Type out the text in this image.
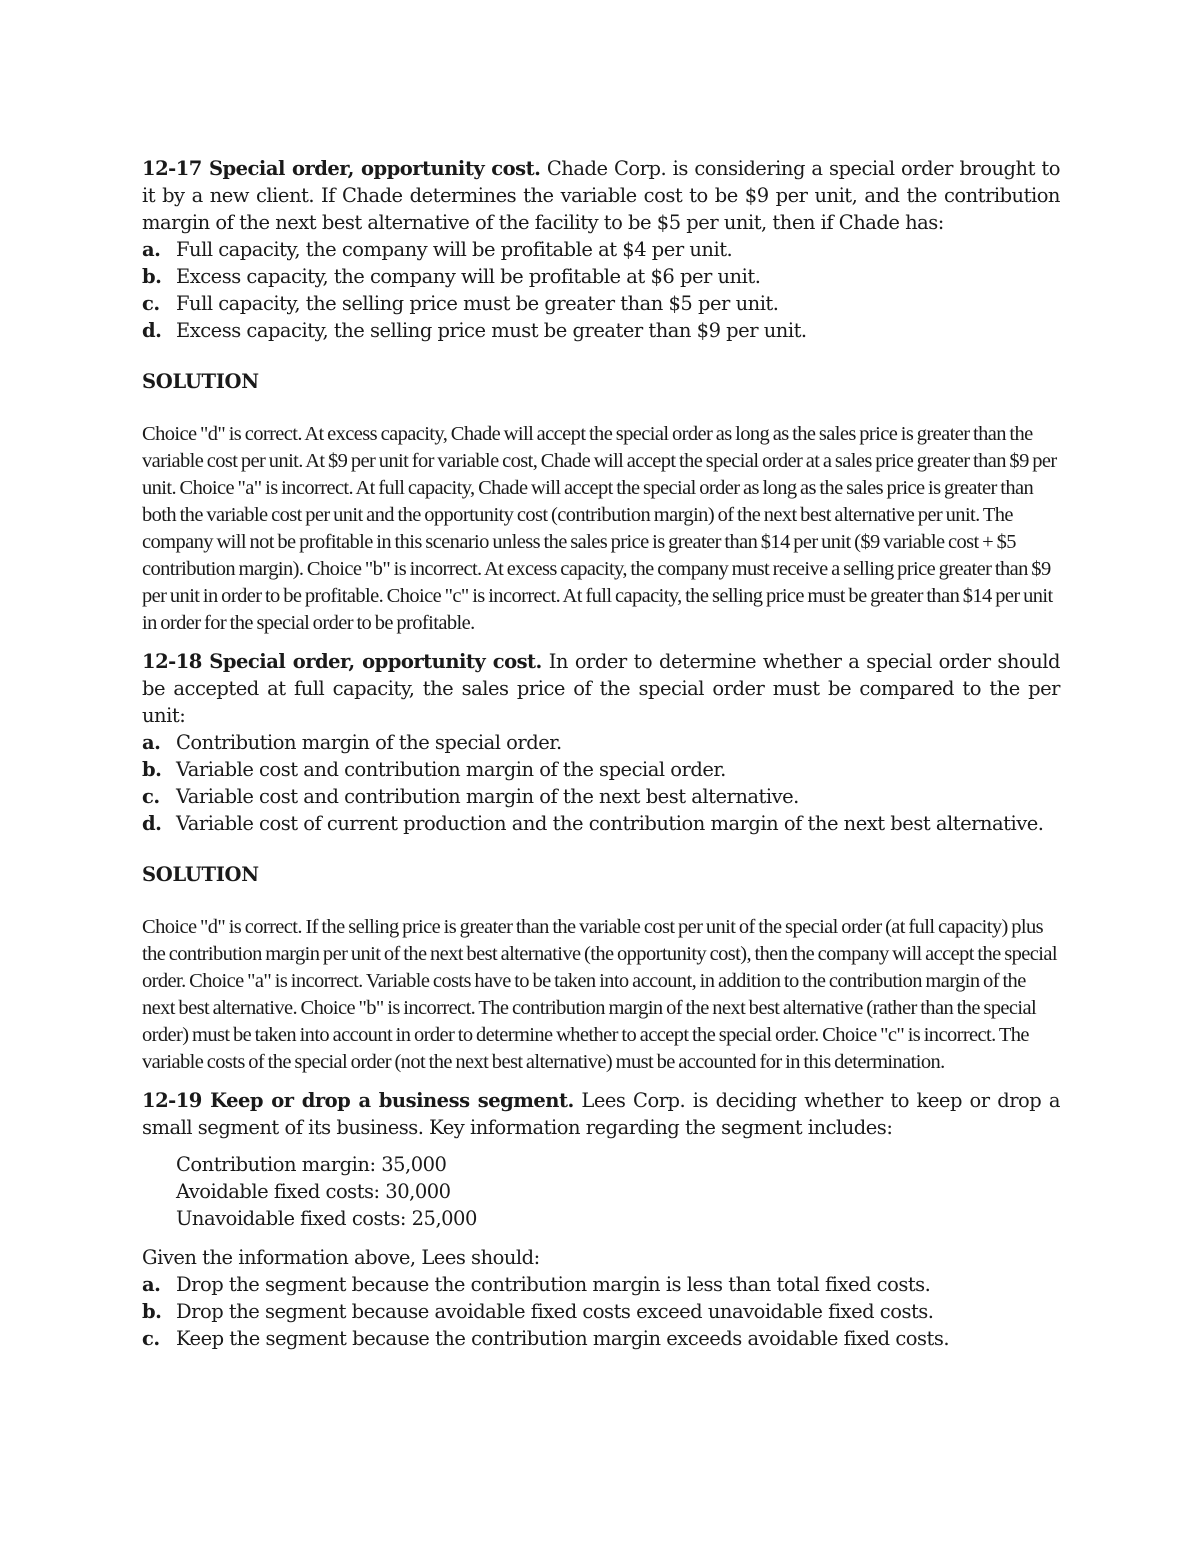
12-17 Special order, opportunity cost. Chade Corp. is considering a special order brought to it by a new client. If Chade determines the variable cost to be $9 per unit, and the contribution margin of the next best alternative of the facility to be $5 per unit, then if Chade has:

a. Full capacity, the company will be profitable at $4 per unit.
b. Excess capacity, the company will be profitable at $6 per unit.
c. Full capacity, the selling price must be greater than $5 per unit.
d. Excess capacity, the selling price must be greater than $9 per unit.

SOLUTION

Choice "d" is correct. At excess capacity, Chade will accept the special order as long as the sales price is greater than the variable cost per unit. At $9 per unit for variable cost, Chade will accept the special order at a sales price greater than $9 per unit. Choice "a" is incorrect. At full capacity, Chade will accept the special order as long as the sales price is greater than both the variable cost per unit and the opportunity cost (contribution margin) of the next best alternative per unit. The company will not be profitable in this scenario unless the sales price is greater than $14 per unit ($9 variable cost + $5 contribution margin). Choice "b" is incorrect. At excess capacity, the company must receive a selling price greater than $9 per unit in order to be profitable. Choice "c" is incorrect. At full capacity, the selling price must be greater than $14 per unit in order for the special order to be profitable.

12-18 Special order, opportunity cost. In order to determine whether a special order should be accepted at full capacity, the sales price of the special order must be compared to the per unit:

a. Contribution margin of the special order.
b. Variable cost and contribution margin of the special order.
c. Variable cost and contribution margin of the next best alternative.
d. Variable cost of current production and the contribution margin of the next best alternative.

SOLUTION

Choice "d" is correct. If the selling price is greater than the variable cost per unit of the special order (at full capacity) plus the contribution margin per unit of the next best alternative (the opportunity cost), then the company will accept the special order. Choice "a" is incorrect. Variable costs have to be taken into account, in addition to the contribution margin of the next best alternative. Choice "b" is incorrect. The contribution margin of the next best alternative (rather than the special order) must be taken into account in order to determine whether to accept the special order. Choice "c" is incorrect. The variable costs of the special order (not the next best alternative) must be accounted for in this determination.

12-19 Keep or drop a business segment. Lees Corp. is deciding whether to keep or drop a small segment of its business. Key information regarding the segment includes:

Contribution margin: 35,000

Avoidable fixed costs: 30,000

Unavoidable fixed costs: 25,000

Given the information above, Lees should:

a. Drop the segment because the contribution margin is less than total fixed costs.
b. Drop the segment because avoidable fixed costs exceed unavoidable fixed costs.
c. Keep the segment because the contribution margin exceeds avoidable fixed costs.
